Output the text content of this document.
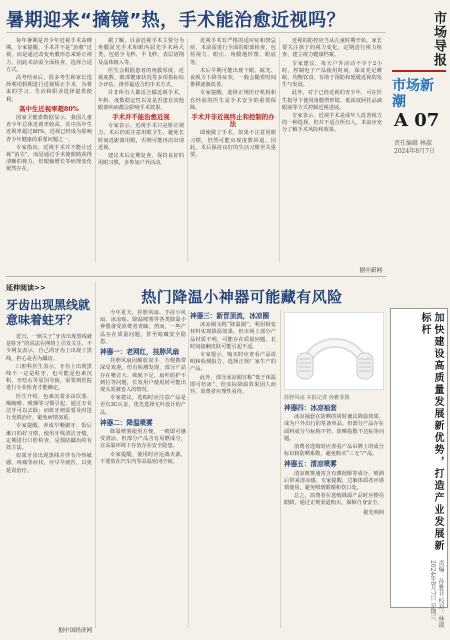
市场导报
市场新潮
A 07
责任编辑 林淑
2024年8月7日
加快建设高质量发展新优势，打造产业发展新标杆
责编：孙雅菲 校对：林淑 2024年8月7日 星期三
暑期迎来“摘镜”热，手术能治愈近视吗？

每年暑期是青少年近视手术高峰期。专家提醒，手术并不是“治愈”近视，而是通过改变角膜形态来矫正视力，因此术前需全面检查，选择合适方式。

高考结束后，很多考生和家长选择利用假期进行近视矫正手术，为将来的学习、生活和职业选择提供便利。

高中生近视率超80%

国家卫健委数据显示，我国儿童青少年总体近视率较高，其中高中生近视率超过80%。近视已经成为影响青少年健康的重要问题之一。

专家指出，近视手术并不能让近视“消失”，而是通过手术使眼睛获得清晰的视力，但眼轴增长等病理变化依然存在。

据了解，目前近视手术主要分为角膜屈光手术和眼内屈光手术两大类，包括全飞秒、半飞秒、表层切削及晶体植入等。

医生会根据患者的角膜厚度、近视度数、眼部健康状况等多项指标综合评估，推荐最适合的手术方式。

并非所有人都适合做近视手术，年龄、度数稳定性以及是否患有其他眼部疾病都会影响手术效果。

手术并不能治愈近视

专家表示，近视手术只是矫正视力，术后仍需注意用眼卫生，避免长时间近距离用眼，否则可能再次出现近视。

建议术后定期复查，保持良好的用眼习惯，多参加户外活动。

近视手术有严格的适应症和禁忌症，术前需进行全面的眼部检查，包括视力、眼压、角膜地形图、眼底等。

术后早期可能出现干眼、眩光、夜视力下降等症状，一般会随着时间推移逐渐改善。

专家提醒，选择正规医疗机构和有经验的医生是手术安全的重要保障。

手术并非近视终止和控制的办法

即使做了手术，如果不注意用眼习惯，仍然可能出现度数回退。因此，术后保持良好的生活习惯至关重要。

近视的防控应当从儿童时期开始，家长要关注孩子的视力变化，定期进行视力检查，建立视力健康档案。

专家建议，每天户外活动不少于2小时，控制电子产品使用时间，保证充足睡眠，均衡饮食，有助于预防和延缓近视的发生与发展。

此外，对于已经近视的青少年，可在医生指导下使用角膜塑形镜、低浓度阿托品滴眼液等方式控制近视进展。

专家表示，近视手术是成年人改善视力的一种选择，但并不适合所有人，术前应充分了解手术风险和效果。

据中新网
延伸阅读>>
牙齿出现黑线就意味着蛀牙？

近日，一则关于“牙齿出现黑线就是蛀牙”的说法在网络上引发关注。不少网友表示，自己的牙齿上出现了黑线，担心是否为龋齿。

口腔科医生表示，牙齿上出现黑线不一定是蛀牙，也可能是色素沉积、牙结石等原因导致，需要到医院进行专业检查才能确定。

医生介绍，色素沉着多由饮茶、喝咖啡、吸烟等习惯引起，通过专业洁牙可以去除；而蛀牙则需要及时进行充填治疗，避免病情加重。

专家提醒，养成早晚刷牙、饭后漱口的好习惯，使用牙线清洁牙缝，定期进行口腔检查，是预防龋齿的有效方法。

如果牙齿出现黑线并伴有冷热敏感、疼痛等症状，应尽早就医，以免延误治疗。

据中国经济网
热门降温小神器可能藏有风险

今年夏天，挂脖风扇、手持小风扇、冰凉贴、降温喷雾等各类降温小神器备受消费者青睐。然而，一些产品存在质量问题，甚至暗藏安全隐患。

神器一：老网红，挂脖风扇

挂脖风扇因解放双手、方便携带深受欢迎。但有检测发现，部分产品存在噪音大、续航不足、扇叶防护不到位等问题，长发用户使用时可能出现头发被卷入的情况。

专家建议，选购时应注意产品是否有3C认证，优先选择无叶设计的产品。

神器二：降温喷雾

降温喷雾使用方便，一喷即可感受清凉，但部分产品含有易燃成分，在高温环境下存放存在安全隐患。

专家提醒，使用时应远离火源，不要放在汽车内等高温密闭空间。

神器三：新晋顶流，冰凉圈

冰凉圈又称“降温圈”，利用相变材料实现降温效果。但市场上部分产品材质不明，可能存在质量问题，长时间接触皮肤可能引起不适。

专家提示，购买时应查看产品说明和检测报告，选择正规厂家生产的产品。

此外，部分冰凉圈宣称“低于体温即可结冰”，但实际降温效果因人而异，消费者应理性看待。

挂脖风扇 本报记者 孙雅菲摄
神器四：冰凉袖套

冰凉袖套在防晒的同时兼具降温效果，成为户外出行的常备单品。但部分产品存在面料成分与标称不符、防晒指数不达标等问题。

消费者选购时应查看产品吊牌上的成分标识和防晒系数，避免购买“三无”产品。

神器五：清凉喷雾

清凉喷雾通常含有薄荷醇等成分，喷洒后带来清凉感。专家提醒，过敏体质者应谨慎使用，避免喷到眼睛和伤口处。

总之，消费者在选购降温产品时应擦亮眼睛，通过正规渠道购买，保障自身安全。

据光明网
